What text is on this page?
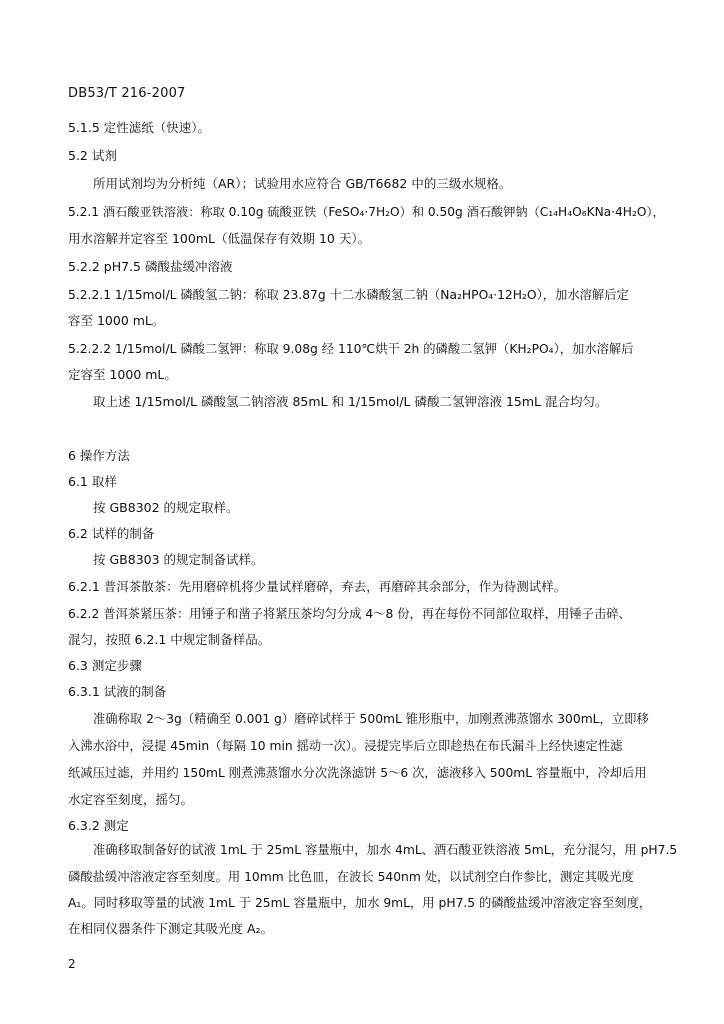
DB53/T 216-2007
5.1.5 定性滤纸（快速）。
5.2 试剂
所用试剂均为分析纯（AR）；试验用水应符合 GB/T6682 中的三级水规格。
5.2.1 酒石酸亚铁溶液：称取 0.10g 硫酸亚铁（FeSO₄·7H₂O）和 0.50g 酒石酸钾钠（C₁₄H₄O₆KNa·4H₂O），
用水溶解并定容至 100mL（低温保存有效期 10 天）。
5.2.2 pH7.5 磷酸盐缓冲溶液
5.2.2.1 1/15mol/L 磷酸氢二钠：称取 23.87g 十二水磷酸氢二钠（Na₂HPO₄·12H₂O），加水溶解后定
容至 1000 mL。
5.2.2.2 1/15mol/L 磷酸二氢钾：称取 9.08g 经 110℃烘干 2h 的磷酸二氢钾（KH₂PO₄），加水溶解后
定容至 1000 mL。
取上述 1/15mol/L 磷酸氢二钠溶液 85mL 和 1/15mol/L 磷酸二氢钾溶液 15mL 混合均匀。
6 操作方法
6.1 取样
按 GB8302 的规定取样。
6.2 试样的制备
按 GB8303 的规定制备试样。
6.2.1 普洱茶散茶：先用磨碎机将少量试样磨碎，弃去，再磨碎其余部分，作为待测试样。
6.2.2 普洱茶紧压茶：用锤子和凿子将紧压茶均匀分成 4～8 份，再在每份不同部位取样，用锤子击碎、
混匀，按照 6.2.1 中规定制备样品。
6.3 测定步骤
6.3.1 试液的制备
准确称取 2～3g（精确至 0.001 g）磨碎试样于 500mL 锥形瓶中，加刚煮沸蒸馏水 300mL，立即移
入沸水浴中，浸提 45min（每隔 10 min 摇动一次）。浸提完毕后立即趁热在布氏漏斗上经快速定性滤
纸减压过滤，并用约 150mL 刚煮沸蒸馏水分次洗涤滤饼 5～6 次，滤液移入 500mL 容量瓶中，冷却后用
水定容至刻度，摇匀。
6.3.2 测定
准确移取制备好的试液 1mL 于 25mL 容量瓶中，加水 4mL、酒石酸亚铁溶液 5mL，充分混匀，用 pH7.5
磷酸盐缓冲溶液定容至刻度。用 10mm 比色皿，在波长 540nm 处，以试剂空白作参比，测定其吸光度
A₁。同时移取等量的试液 1mL 于 25mL 容量瓶中，加水 9mL，用 pH7.5 的磷酸盐缓冲溶液定容至刻度，
在相同仪器条件下测定其吸光度 A₂。
2
